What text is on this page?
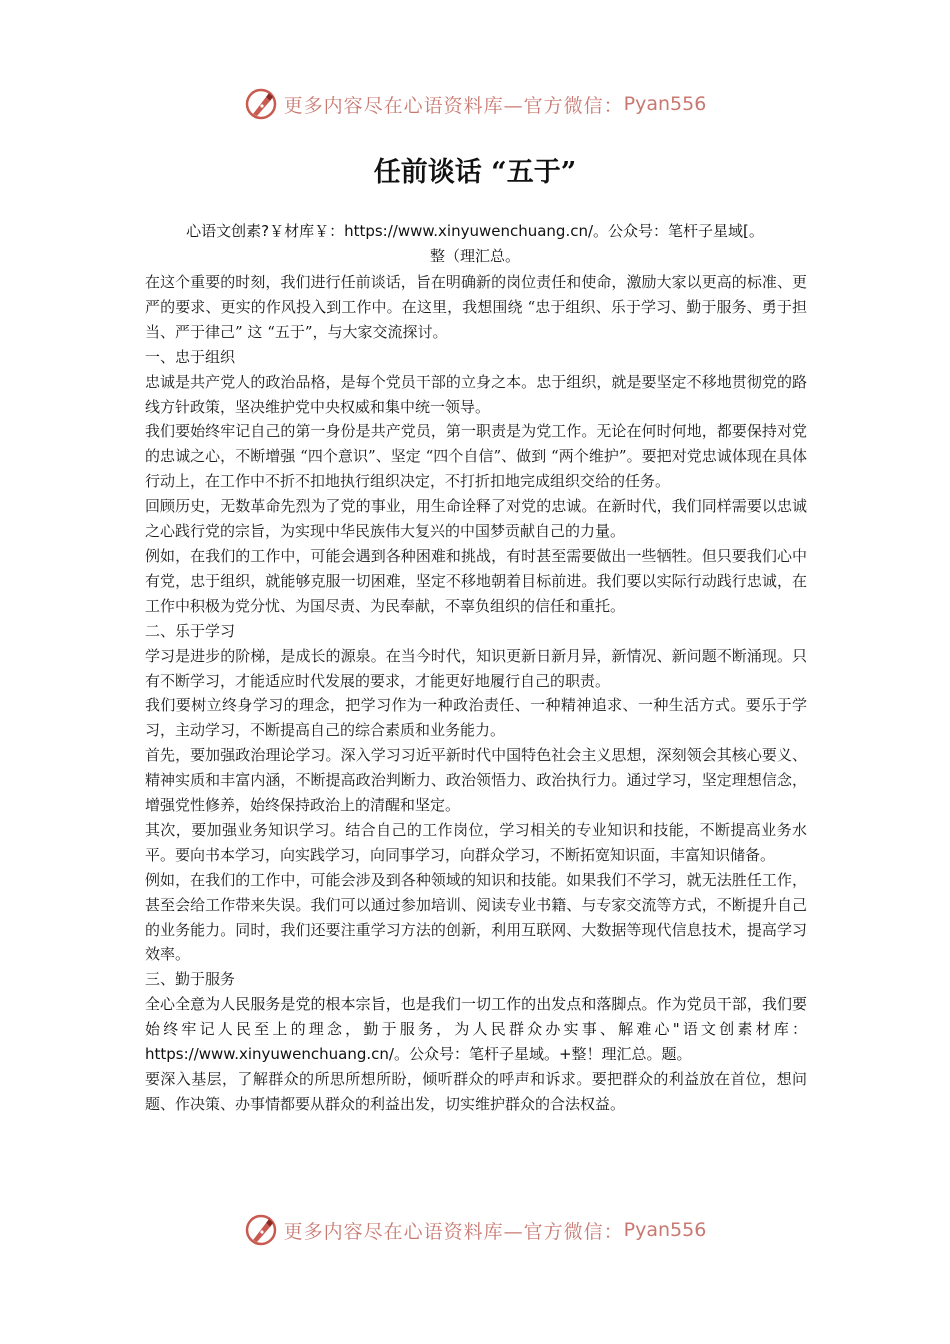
更多内容尽在心语资料库—官方微信： Pyan556
任前谈话 “五于”
心语文创素?￥材库￥：https://www.xinyuwenchuang.cn/。公众号：笔杆子星域[。
整（理汇总。

在这个重要的时刻，我们进行任前谈话，旨在明确新的岗位责任和使命，激励大家以更高的标准、更严的要求、更实的作风投入到工作中。在这里，我想围绕 “忠于组织、乐于学习、勤于服务、勇于担当、严于律己” 这 “五于”，与大家交流探讨。

一、忠于组织

忠诚是共产党人的政治品格，是每个党员干部的立身之本。忠于组织，就是要坚定不移地贯彻党的路线方针政策，坚决维护党中央权威和集中统一领导。

我们要始终牢记自己的第一身份是共产党员，第一职责是为党工作。无论在何时何地，都要保持对党的忠诚之心，不断增强 “四个意识”、坚定 “四个自信”、做到 “两个维护”。要把对党忠诚体现在具体行动上，在工作中不折不扣地执行组织决定，不打折扣地完成组织交给的任务。

回顾历史，无数革命先烈为了党的事业，用生命诠释了对党的忠诚。在新时代，我们同样需要以忠诚之心践行党的宗旨，为实现中华民族伟大复兴的中国梦贡献自己的力量。

例如，在我们的工作中，可能会遇到各种困难和挑战，有时甚至需要做出一些牺牲。但只要我们心中有党，忠于组织，就能够克服一切困难，坚定不移地朝着目标前进。我们要以实际行动践行忠诚，在工作中积极为党分忧、为国尽责、为民奉献，不辜负组织的信任和重托。

二、乐于学习

学习是进步的阶梯，是成长的源泉。在当今时代，知识更新日新月异，新情况、新问题不断涌现。只有不断学习，才能适应时代发展的要求，才能更好地履行自己的职责。

我们要树立终身学习的理念，把学习作为一种政治责任、一种精神追求、一种生活方式。要乐于学习，主动学习，不断提高自己的综合素质和业务能力。

首先，要加强政治理论学习。深入学习习近平新时代中国特色社会主义思想，深刻领会其核心要义、精神实质和丰富内涵，不断提高政治判断力、政治领悟力、政治执行力。通过学习，坚定理想信念，增强党性修养，始终保持政治上的清醒和坚定。

其次，要加强业务知识学习。结合自己的工作岗位，学习相关的专业知识和技能，不断提高业务水平。要向书本学习，向实践学习，向同事学习，向群众学习，不断拓宽知识面，丰富知识储备。

例如，在我们的工作中，可能会涉及到各种领域的知识和技能。如果我们不学习，就无法胜任工作，甚至会给工作带来失误。我们可以通过参加培训、阅读专业书籍、与专家交流等方式，不断提升自己的业务能力。同时，我们还要注重学习方法的创新，利用互联网、大数据等现代信息技术，提高学习效率。

三、勤于服务

全心全意为人民服务是党的根本宗旨，也是我们一切工作的出发点和落脚点。作为党员干部，我们要始终牢记人民至上的理念，勤于服务，为人民群众办实事、解难心"语文创素材库：https://www.xinyuwenchuang.cn/。公众号：笔杆子星域。+整！理汇总。题。

要深入基层，了解群众的所思所想所盼，倾听群众的呼声和诉求。要把群众的利益放在首位，想问题、作决策、办事情都要从群众的利益出发，切实维护群众的合法权益。

更多内容尽在心语资料库—官方微信： Pyan556
